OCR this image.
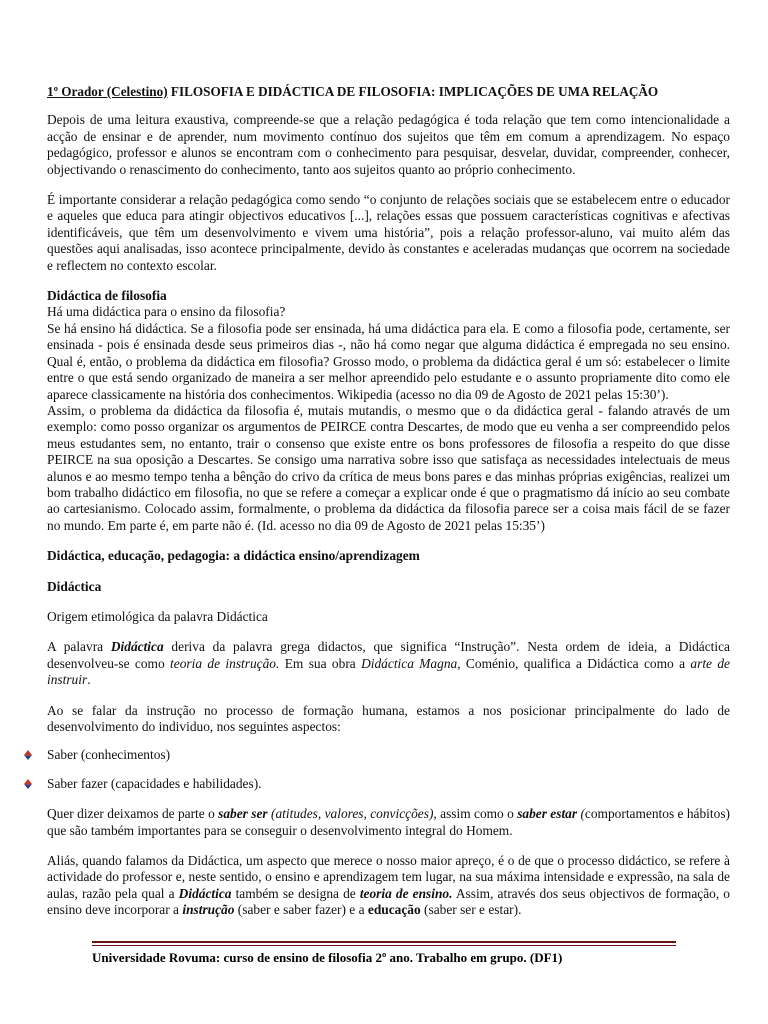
1º Orador (Celestino) FILOSOFIA E DIDÁCTICA DE FILOSOFIA: IMPLICAÇÕES DE UMA RELAÇÃO

Depois de uma leitura exaustiva, compreende-se que a relação pedagógica é toda relação que tem como intencionalidade a acção de ensinar e de aprender, num movimento contínuo dos sujeitos que têm em comum a aprendizagem. No espaço pedagógico, professor e alunos se encontram com o conhecimento para pesquisar, desvelar, duvidar, compreender, conhecer, objectivando o renascimento do conhecimento, tanto aos sujeitos quanto ao próprio conhecimento.

É importante considerar a relação pedagógica como sendo “o conjunto de relações sociais que se estabelecem entre o educador e aqueles que educa para atingir objectivos educativos [...], relações essas que possuem características cognitivas e afectivas identificáveis, que têm um desenvolvimento e vivem uma história”, pois a relação professor-aluno, vai muito além das questões aqui analisadas, isso acontece principalmente, devido às constantes e aceleradas mudanças que ocorrem na sociedade e reflectem no contexto escolar.

Didáctica de filosofia

Há uma didáctica para o ensino da filosofia?

Se há ensino há didáctica. Se a filosofia pode ser ensinada, há uma didáctica para ela. E como a filosofia pode, certamente, ser ensinada - pois é ensinada desde seus primeiros dias -, não há como negar que alguma didáctica é empregada no seu ensino. Qual é, então, o problema da didáctica em filosofia? Grosso modo, o problema da didáctica geral é um só: estabelecer o limite entre o que está sendo organizado de maneira a ser melhor apreendido pelo estudante e o assunto propriamente dito como ele aparece classicamente na história dos conhecimentos. Wikipedia (acesso no dia 09 de Agosto de 2021 pelas 15:30’).

Assim, o problema da didáctica da filosofia é, mutais mutandis, o mesmo que o da didáctica geral - falando através de um exemplo: como posso organizar os argumentos de PEIRCE contra Descartes, de modo que eu venha a ser compreendido pelos meus estudantes sem, no entanto, trair o consenso que existe entre os bons professores de filosofia a respeito do que disse PEIRCE na sua oposição a Descartes. Se consigo uma narrativa sobre isso que satisfaça as necessidades intelectuais de meus alunos e ao mesmo tempo tenha a bênção do crivo da crítica de meus bons pares e das minhas próprias exigências, realizei um bom trabalho didáctico em filosofia, no que se refere a começar a explicar onde é que o pragmatismo dá início ao seu combate ao cartesianismo. Colocado assim, formalmente, o problema da didáctica da filosofia parece ser a coisa mais fácil de se fazer no mundo. Em parte é, em parte não é. (Id. acesso no dia 09 de Agosto de 2021 pelas 15:35’)

Didáctica, educação, pedagogia: a didáctica ensino/aprendizagem

Didáctica

Origem etimológica da palavra Didáctica

A palavra Didáctica deriva da palavra grega didactos, que significa “Instrução”. Nesta ordem de ideia, a Didáctica desenvolveu-se como teoria de instrução. Em sua obra Didáctica Magna, Coménio, qualifica a Didáctica como a arte de instruir.

Ao se falar da instrução no processo de formação humana, estamos a nos posicionar principalmente do lado de desenvolvimento do individuo, nos seguintes aspectos:

Saber (conhecimentos)
Saber fazer (capacidades e habilidades).

Quer dizer deixamos de parte o saber ser (atitudes, valores, convicções), assim como o saber estar (comportamentos e hábitos) que são também importantes para se conseguir o desenvolvimento integral do Homem.

Aliás, quando falamos da Didáctica, um aspecto que merece o nosso maior apreço, é o de que o processo didáctico, se refere à actividade do professor e, neste sentido, o ensino e aprendizagem tem lugar, na sua máxima intensidade e expressão, na sala de aulas, razão pela qual a Didáctica também se designa de teoria de ensino. Assim, através dos seus objectivos de formação, o ensino deve incorporar a instrução (saber e saber fazer) e a educação (saber ser e estar).

Universidade Rovuma: curso de ensino de filosofia 2º ano. Trabalho em grupo. (DF1)
